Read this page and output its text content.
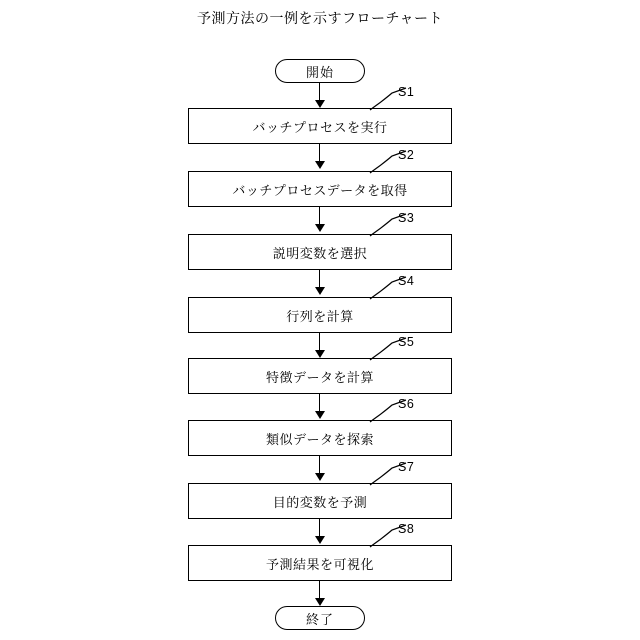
予測方法の一例を示すフローチャート
開始
バッチプロセスを実行
S1
バッチプロセスデータを取得
S2
説明変数を選択
S3
行列を計算
S4
特徴データを計算
S5
類似データを探索
S6
目的変数を予測
S7
予測結果を可視化
S8
終了
